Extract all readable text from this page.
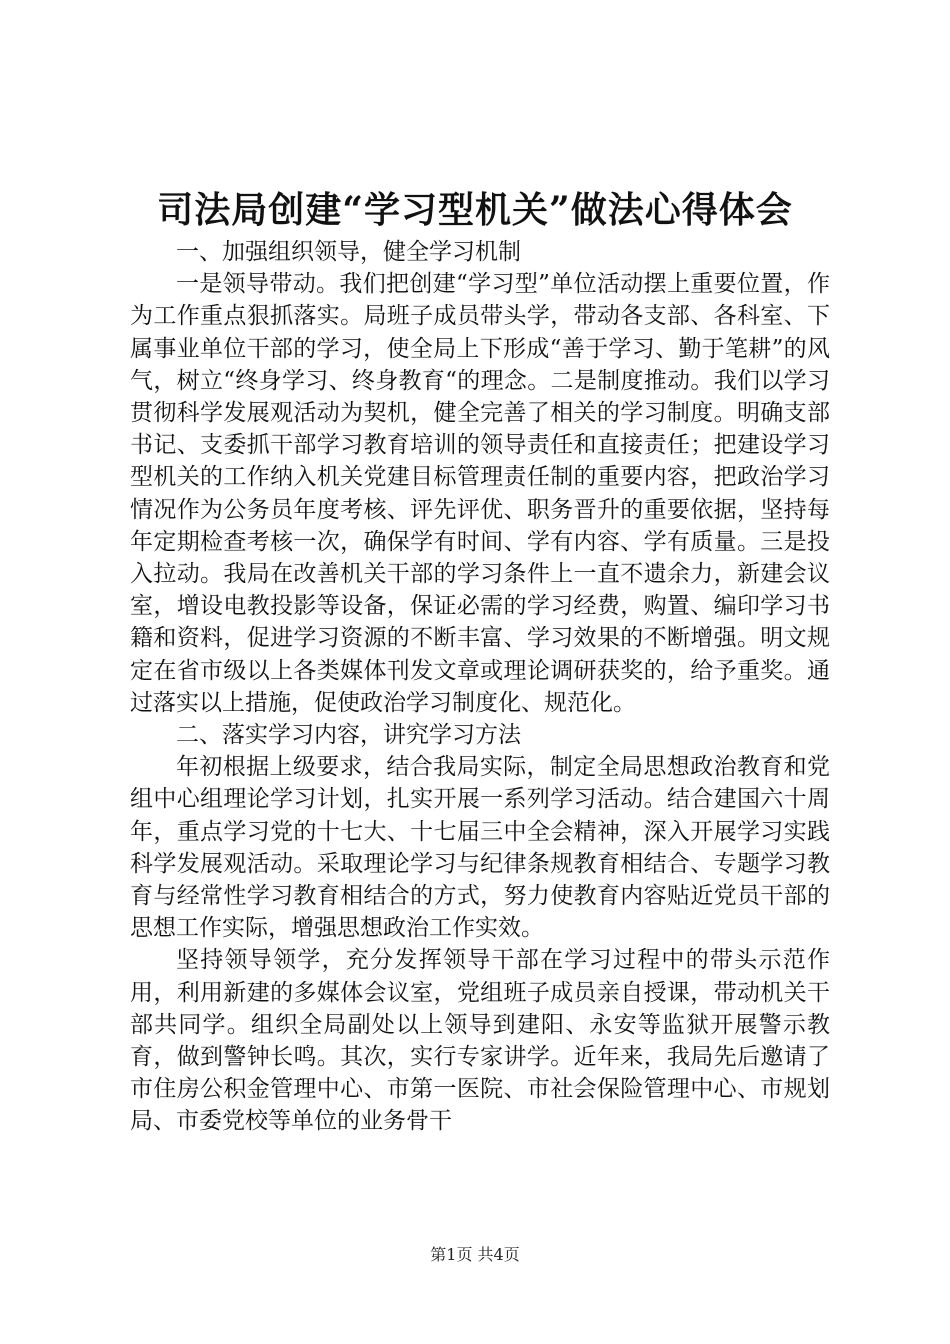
司法局创建“学习型机关”做法心得体会

一、加强组织领导，健全学习机制

一是领导带动。我们把创建“学习型”单位活动摆上重要位置，作为工作重点狠抓落实。局班子成员带头学，带动各支部、各科室、下属事业单位干部的学习，使全局上下形成“善于学习、勤于笔耕”的风气，树立“终身学习、终身教育“的理念。二是制度推动。我们以学习贯彻科学发展观活动为契机，健全完善了相关的学习制度。明确支部书记、支委抓干部学习教育培训的领导责任和直接责任；把建设学习型机关的工作纳入机关党建目标管理责任制的重要内容，把政治学习情况作为公务员年度考核、评先评优、职务晋升的重要依据，坚持每年定期检查考核一次，确保学有时间、学有内容、学有质量。三是投入拉动。我局在改善机关干部的学习条件上一直不遗余力，新建会议室，增设电教投影等设备，保证必需的学习经费，购置、编印学习书籍和资料，促进学习资源的不断丰富、学习效果的不断增强。明文规定在省市级以上各类媒体刊发文章或理论调研获奖的，给予重奖。通过落实以上措施，促使政治学习制度化、规范化。

二、落实学习内容，讲究学习方法

年初根据上级要求，结合我局实际，制定全局思想政治教育和党组中心组理论学习计划，扎实开展一系列学习活动。结合建国六十周年，重点学习党的十七大、十七届三中全会精神，深入开展学习实践科学发展观活动。采取理论学习与纪律条规教育相结合、专题学习教育与经常性学习教育相结合的方式，努力使教育内容贴近党员干部的思想工作实际，增强思想政治工作实效。

坚持领导领学，充分发挥领导干部在学习过程中的带头示范作用，利用新建的多媒体会议室，党组班子成员亲自授课，带动机关干部共同学。组织全局副处以上领导到建阳、永安等监狱开展警示教育，做到警钟长鸣。其次，实行专家讲学。近年来，我局先后邀请了市住房公积金管理中心、市第一医院、市社会保险管理中心、市规划局、市委党校等单位的业务骨干

第1页 共4页
